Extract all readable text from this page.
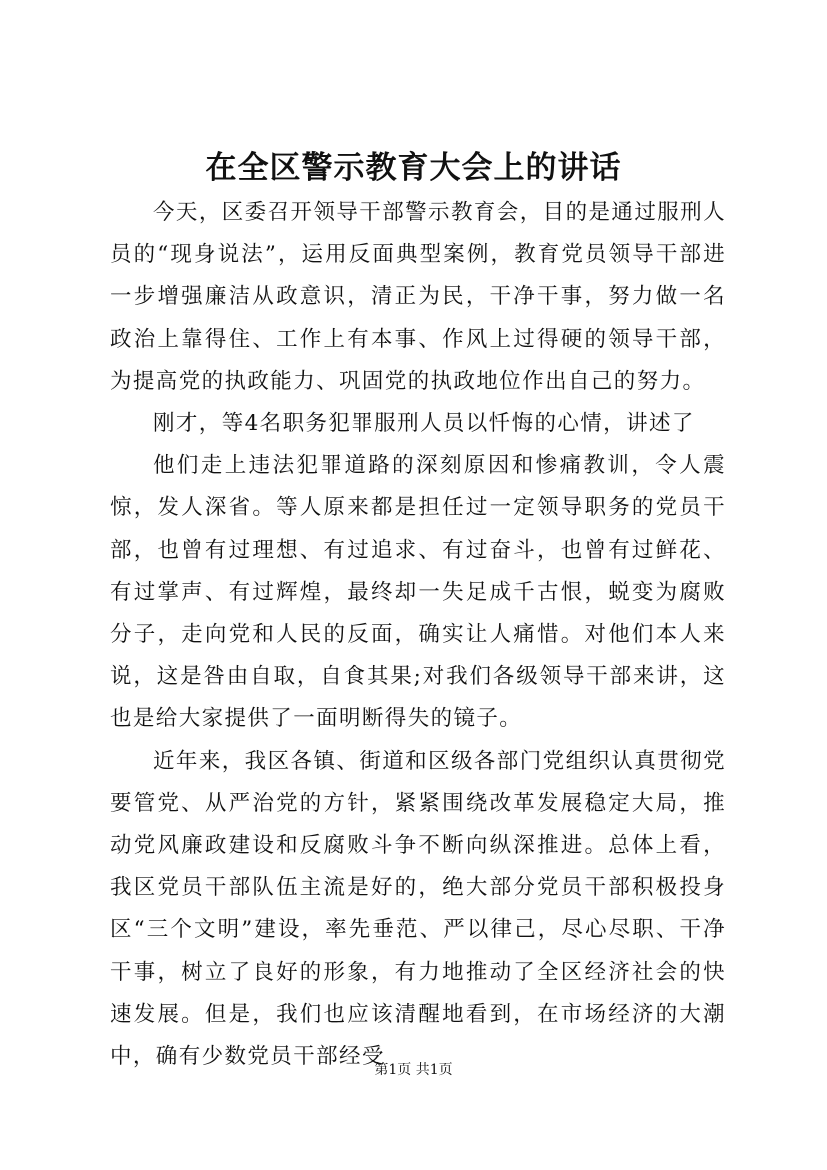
在全区警示教育大会上的讲话

今天，区委召开领导干部警示教育会，目的是通过服刑人员的“现身说法”，运用反面典型案例，教育党员领导干部进一步增强廉洁从政意识，清正为民，干净干事，努力做一名政治上靠得住、工作上有本事、作风上过得硬的领导干部，为提高党的执政能力、巩固党的执政地位作出自己的努力。

刚才，等4名职务犯罪服刑人员以忏悔的心情，讲述了

他们走上违法犯罪道路的深刻原因和惨痛教训，令人震惊，发人深省。等人原来都是担任过一定领导职务的党员干部，也曾有过理想、有过追求、有过奋斗，也曾有过鲜花、有过掌声、有过辉煌，最终却一失足成千古恨，蜕变为腐败分子，走向党和人民的反面，确实让人痛惜。对他们本人来说，这是咎由自取，自食其果;对我们各级领导干部来讲，这也是给大家提供了一面明断得失的镜子。

近年来，我区各镇、街道和区级各部门党组织认真贯彻党要管党、从严治党的方针，紧紧围绕改革发展稳定大局，推动党风廉政建设和反腐败斗争不断向纵深推进。总体上看，我区党员干部队伍主流是好的，绝大部分党员干部积极投身区“三个文明”建设，率先垂范、严以律己，尽心尽职、干净干事，树立了良好的形象，有力地推动了全区经济社会的快速发展。但是，我们也应该清醒地看到，在市场经济的大潮中，确有少数党员干部经受

第1页 共1页
